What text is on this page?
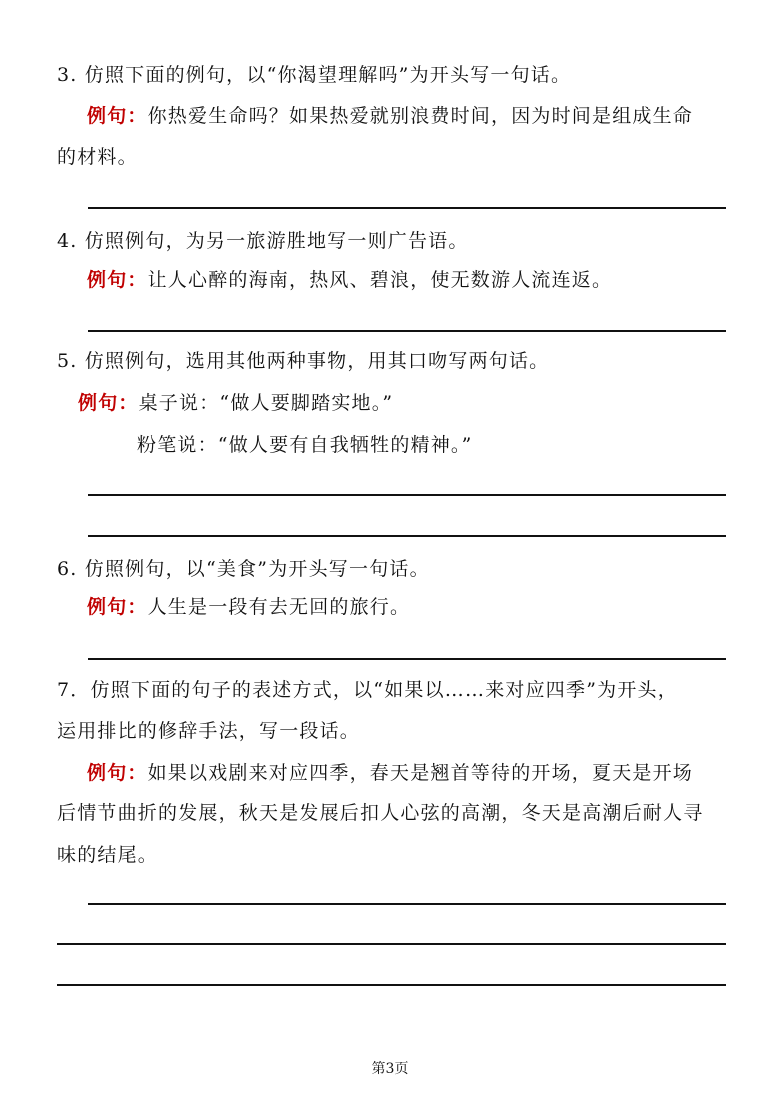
3. 仿照下面的例句，以“你渴望理解吗”为开头写一句话。
例句：你热爱生命吗？如果热爱就别浪费时间，因为时间是组成生命
的材料。
4. 仿照例句，为另一旅游胜地写一则广告语。
例句：让人心醉的海南，热风、碧浪，使无数游人流连返。
5. 仿照例句，选用其他两种事物，用其口吻写两句话。
例句：桌子说：“做人要脚踏实地。”
粉笔说：“做人要有自我牺牲的精神。”
6. 仿照例句，以“美食”为开头写一句话。
例句：人生是一段有去无回的旅行。
7．仿照下面的句子的表述方式，以“如果以……来对应四季”为开头，
运用排比的修辞手法，写一段话。
例句：如果以戏剧来对应四季，春天是翘首等待的开场，夏天是开场
后情节曲折的发展，秋天是发展后扣人心弦的高潮，冬天是高潮后耐人寻
味的结尾。
第3页
